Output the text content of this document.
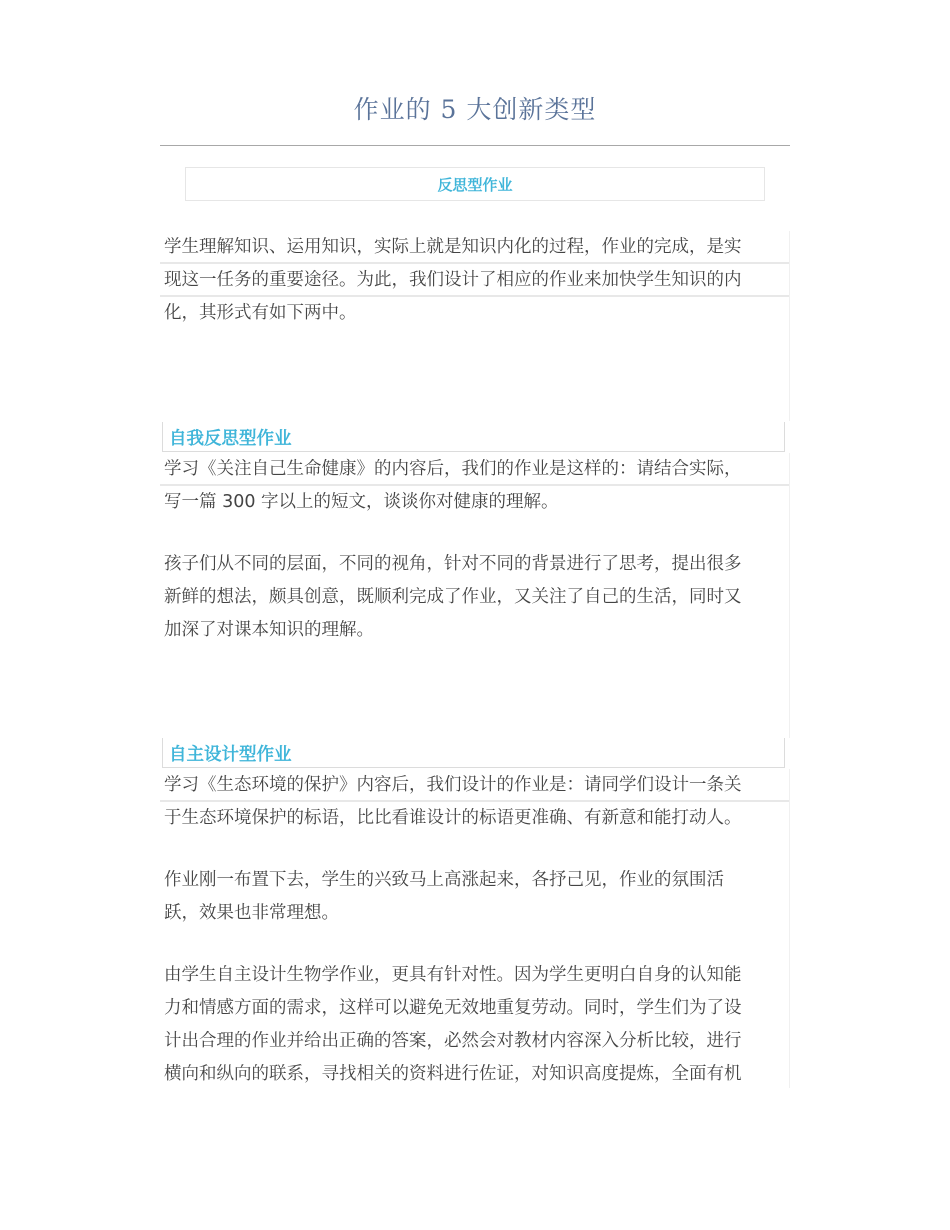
作业的 5 大创新类型
反思型作业
学生理解知识、运用知识，实际上就是知识内化的过程，作业的完成，是实
现这一任务的重要途径。为此，我们设计了相应的作业来加快学生知识的内
化，其形式有如下两中。
自我反思型作业
学习《关注自己生命健康》的内容后，我们的作业是这样的：请结合实际，
写一篇 300 字以上的短文，谈谈你对健康的理解。
孩子们从不同的层面，不同的视角，针对不同的背景进行了思考，提出很多
新鲜的想法，颇具创意，既顺利完成了作业，又关注了自己的生活，同时又
加深了对课本知识的理解。
自主设计型作业
学习《生态环境的保护》内容后，我们设计的作业是：请同学们设计一条关
于生态环境保护的标语，比比看谁设计的标语更准确、有新意和能打动人。
作业刚一布置下去，学生的兴致马上高涨起来，各抒己见，作业的氛围活
跃，效果也非常理想。
由学生自主设计生物学作业，更具有针对性。因为学生更明白自身的认知能
力和情感方面的需求，这样可以避免无效地重复劳动。同时，学生们为了设
计出合理的作业并给出正确的答案，必然会对教材内容深入分析比较，进行
横向和纵向的联系，寻找相关的资料进行佐证，对知识高度提炼，全面有机
